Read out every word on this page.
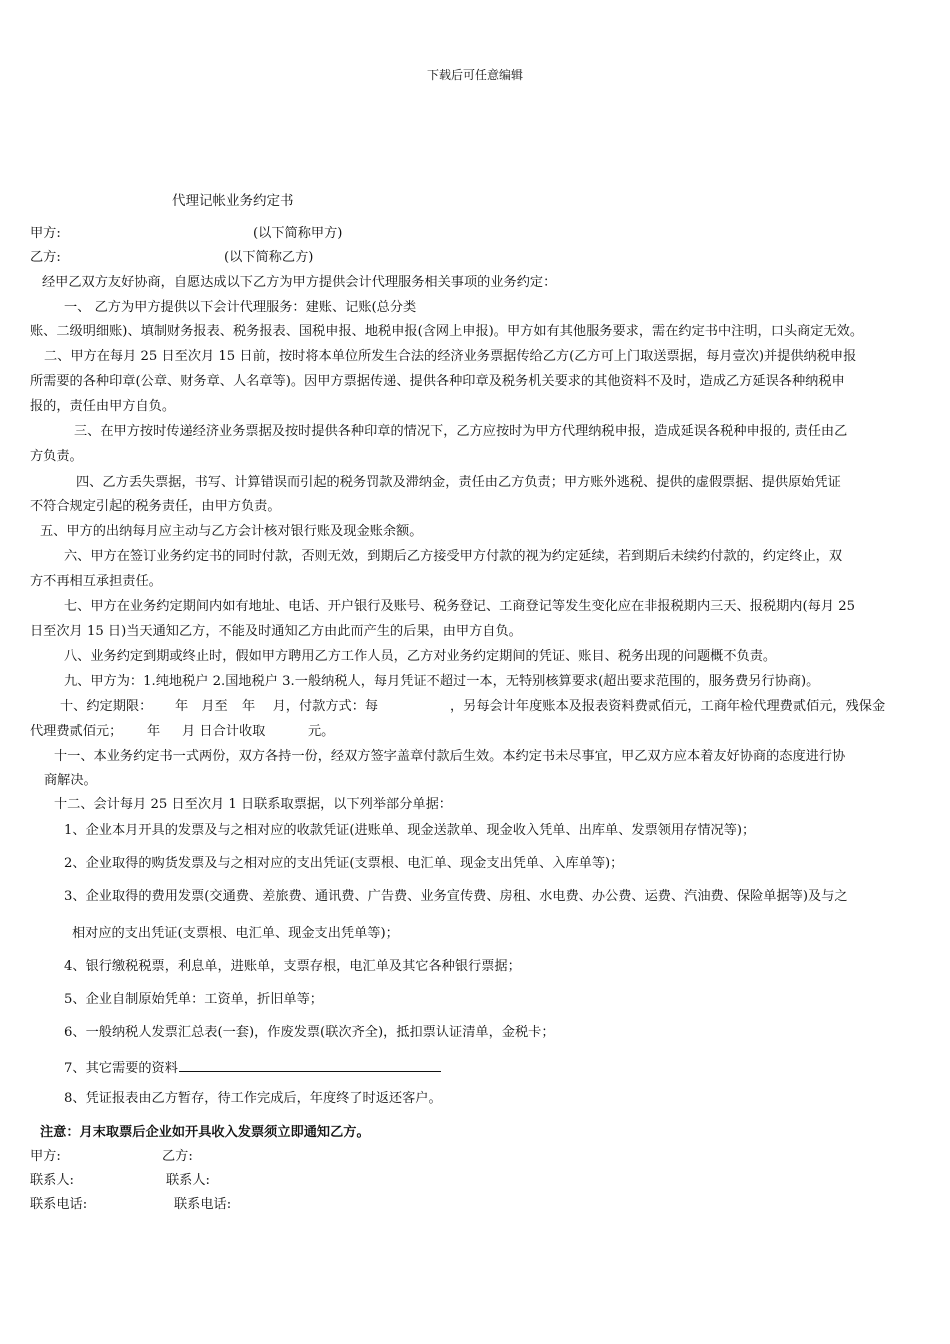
下载后可任意编辑
代理记帐业务约定书
甲方:	(以下简称甲方)
乙方:	(以下简称乙方)
经甲乙双方友好协商，自愿达成以下乙方为甲方提供会计代理服务相关事项的业务约定：
一、 乙方为甲方提供以下会计代理服务：建账、记账(总分类
账、二级明细账)、填制财务报表、税务报表、国税申报、地税申报(含网上申报)。甲方如有其他服务要求，需在约定书中注明，口头商定无效。
二、甲方在每月 25 日至次月 15 日前，按时将本单位所发生合法的经济业务票据传给乙方(乙方可上门取送票据，每月壹次)并提供纳税申报
所需要的各种印章(公章、财务章、人名章等)。因甲方票据传递、提供各种印章及税务机关要求的其他资料不及时，造成乙方延误各种纳税申
报的，责任由甲方自负。
三、在甲方按时传递经济业务票据及按时提供各种印章的情况下，乙方应按时为甲方代理纳税申报，造成延误各税种申报的, 责任由乙
方负责。
四、乙方丢失票据，书写、计算错误而引起的税务罚款及滞纳金，责任由乙方负责；甲方账外逃税、提供的虚假票据、提供原始凭证
不符合规定引起的税务责任，由甲方负责。
五、甲方的出纳每月应主动与乙方会计核对银行账及现金账余额。
六、甲方在签订业务约定书的同时付款，否则无效，到期后乙方接受甲方付款的视为约定延续，若到期后未续约付款的，约定终止，双
方不再相互承担责任。
七、甲方在业务约定期间内如有地址、电话、开户银行及账号、税务登记、工商登记等发生变化应在非报税期内三天、报税期内(每月 25
日至次月 15 日)当天通知乙方，不能及时通知乙方由此而产生的后果，由甲方自负。
八、业务约定到期或终止时，假如甲方聘用乙方工作人员，乙方对业务约定期间的凭证、账目、税务出现的问题概不负责。
九、甲方为：1.纯地税户 2.国地税户 3.一般纳税人，每月凭证不超过一本，无特别核算要求(超出要求范围的，服务费另行协商)。
十、约定期限： 年　月至 年　 月，付款方式：每	，另每会计年度账本及报表资料费贰佰元，工商年检代理费贰佰元，残保金
代理费贰佰元； 年 月 日合计收取	元。
十一、本业务约定书一式两份，双方各持一份，经双方签字盖章付款后生效。本约定书未尽事宜，甲乙双方应本着友好协商的态度进行协
商解决。
十二、会计每月 25 日至次月 1 日联系取票据，以下列举部分单据：
1、企业本月开具的发票及与之相对应的收款凭证(进账单、现金送款单、现金收入凭单、出库单、发票领用存情况等)；
2、企业取得的购货发票及与之相对应的支出凭证(支票根、电汇单、现金支出凭单、入库单等)；
3、企业取得的费用发票(交通费、差旅费、通讯费、广告费、业务宣传费、房租、水电费、办公费、运费、汽油费、保险单据等)及与之
相对应的支出凭证(支票根、电汇单、现金支出凭单等)；
4、银行缴税税票，利息单，进账单，支票存根，电汇单及其它各种银行票据；
5、企业自制原始凭单：工资单，折旧单等；
6、一般纳税人发票汇总表(一套)，作废发票(联次齐全)，抵扣票认证清单，金税卡；
7、其它需要的资料
8、凭证报表由乙方暂存，待工作完成后，年度终了时返还客户。
注意：月末取票后企业如开具收入发票须立即通知乙方。
甲方:	乙方:
联系人:	联系人:
联系电话:	联系电话:
